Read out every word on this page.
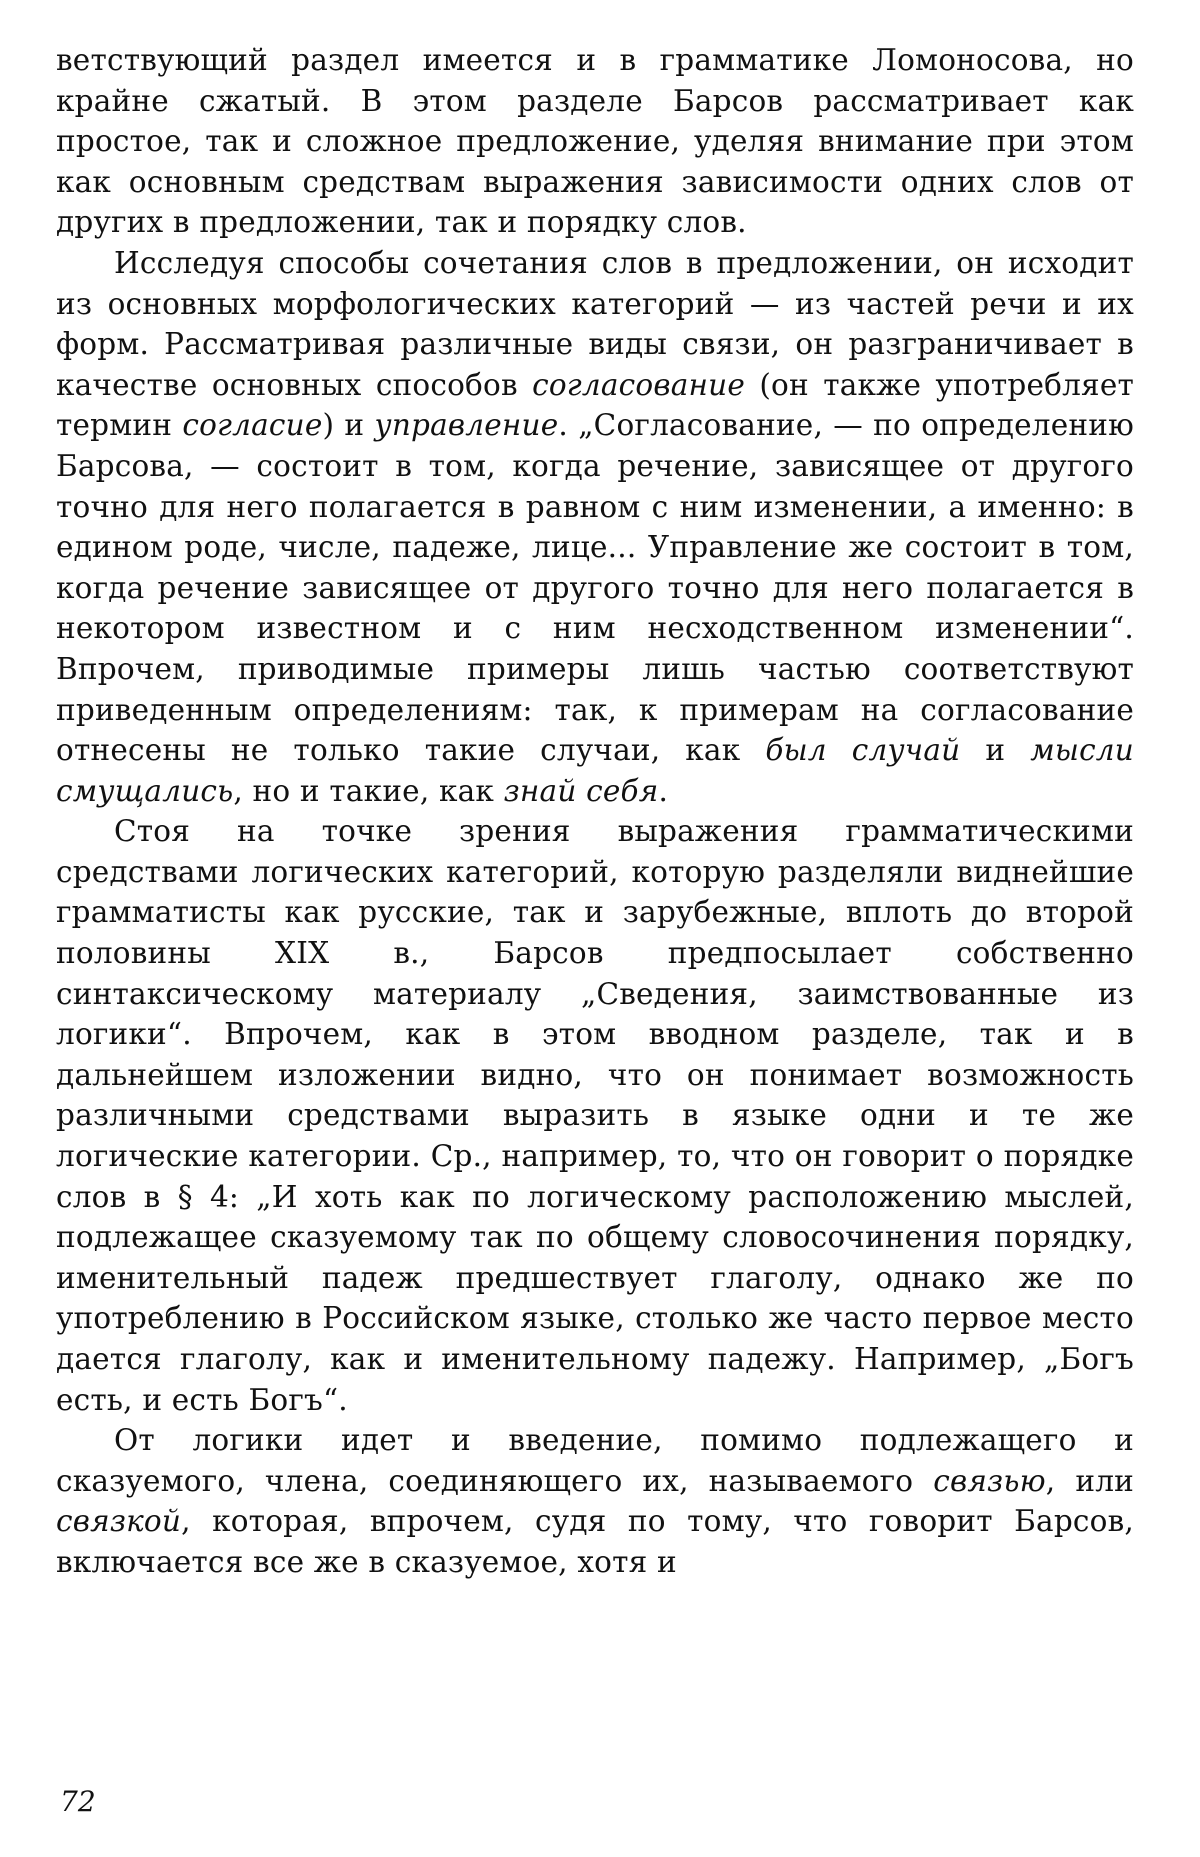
ветствующий раздел имеется и в грамматике Ломоносова, но крайне сжатый. В этом разделе Барсов рассматривает как простое, так и сложное предложение, уделяя внимание при этом как основным средствам выражения зависимости одних слов от других в предложении, так и порядку слов.

Исследуя способы сочетания слов в предложении, он исходит из основных морфологических категорий — из частей речи и их форм. Рассматривая различные виды связи, он разграничивает в качестве основных способов согласование (он также употребляет термин согласие) и управление. „Согласование, — по определению Барсова, — состоит в том, когда речение, зависящее от другого точно для него полагается в равном с ним изменении, а именно: в едином роде, числе, падеже, лице... Управление же состоит в том, когда речение зависящее от другого точно для него полагается в некотором известном и с ним несходственном изменении“. Впрочем, приводимые примеры лишь частью соответствуют приведенным определениям: так, к примерам на согласование отнесены не только такие случаи, как был случай и мысли смущались, но и такие, как знай себя.

Стоя на точке зрения выражения грамматическими средствами логических категорий, которую разделяли виднейшие грамматисты как русские, так и зарубежные, вплоть до второй половины XIX в., Барсов предпосылает собственно синтаксическому материалу „Сведения, заимствованные из логики“. Впрочем, как в этом вводном разделе, так и в дальнейшем изложении видно, что он понимает возможность различными средствами выразить в языке одни и те же логические категории. Ср., например, то, что он говорит о порядке слов в § 4: „И хоть как по логическому расположению мыслей, подлежащее сказуемому так по общему словосочинения порядку, именительный падеж предшествует глаголу, однако же по употреблению в Российском языке, столько же часто первое место дается глаголу, как и именительному падежу. Например, „Богъ есть, и есть Богъ“.

От логики идет и введение, помимо подлежащего и сказуемого, члена, соединяющего их, называемого связью, или связкой, которая, впрочем, судя по тому, что говорит Барсов, включается все же в сказуемое, хотя и

72
